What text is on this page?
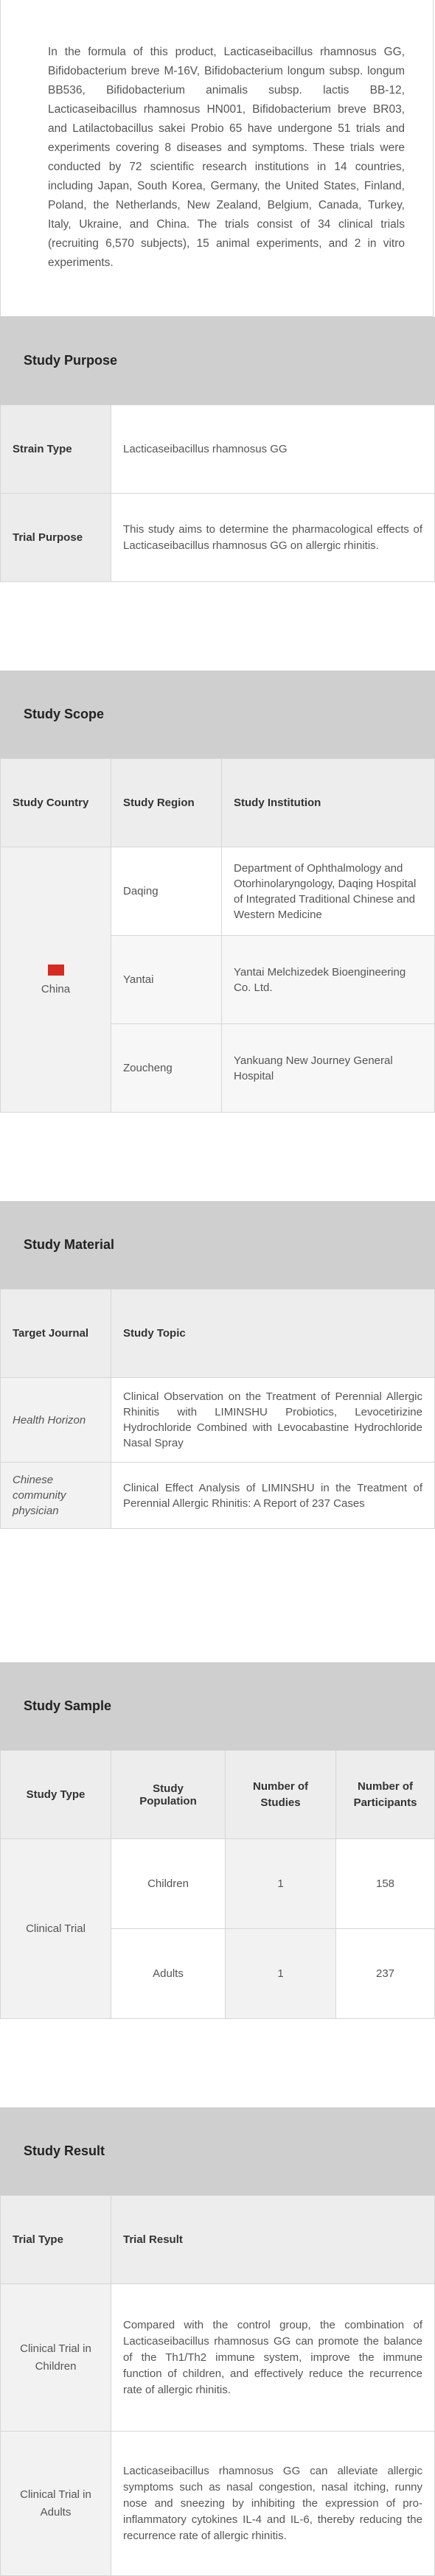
In the formula of this product, Lacticaseibacillus rhamnosus GG, Bifidobacterium breve M-16V, Bifidobacterium longum subsp. longum BB536, Bifidobacterium animalis subsp. lactis BB-12, Lacticaseibacillus rhamnosus HN001, Bifidobacterium breve BR03, and Latilactobacillus sakei Probio 65 have undergone 51 trials and experiments covering 8 diseases and symptoms. These trials were conducted by 72 scientific research institutions in 14 countries, including Japan, South Korea, Germany, the United States, Finland, Poland, the Netherlands, New Zealand, Belgium, Canada, Turkey, Italy, Ukraine, and China. The trials consist of 34 clinical trials (recruiting 6,570 subjects), 15 animal experiments, and 2 in vitro experiments.

Study Purpose
Strain Type	Lacticaseibacillus rhamnosus GG
Trial Purpose	This study aims to determine the pharmacological effects of Lacticaseibacillus rhamnosus GG on allergic rhinitis.
Study Scope
Study Country	Study Region	Study Institution

China	Daqing	Department of Ophthalmology and Otorhinolaryngology, Daqing Hospital of Integrated Traditional Chinese and Western Medicine
	Yantai	Yantai Melchizedek Bioengineering Co. Ltd.
	Zoucheng	Yankuang New Journey General Hospital
Study Material
Target Journal	Study Topic
Health Horizon	Clinical Observation on the Treatment of Perennial Allergic Rhinitis with LIMINSHU Probiotics, Levocetirizine Hydrochloride Combined with Levocabastine Hydrochloride Nasal Spray
Chinese community physician	Clinical Effect Analysis of LIMINSHU in the Treatment of Perennial Allergic Rhinitis: A Report of 237 Cases
Study Sample
Study Type	Study Population	Number of Studies	Number of Participants
Clinical Trial	Children	1	158
	Adults	1	237
Study Result
Trial Type	Trial Result
Clinical Trial in Children	Compared with the control group, the combination of Lacticaseibacillus rhamnosus GG can promote the balance of the Th1/Th2 immune system, improve the immune function of children, and effectively reduce the recurrence rate of allergic rhinitis.
Clinical Trial in Adults	Lacticaseibacillus rhamnosus GG can alleviate allergic symptoms such as nasal congestion, nasal itching, runny nose and sneezing by inhibiting the expression of pro-inflammatory cytokines IL-4 and IL-6, thereby reducing the recurrence rate of allergic rhinitis.
